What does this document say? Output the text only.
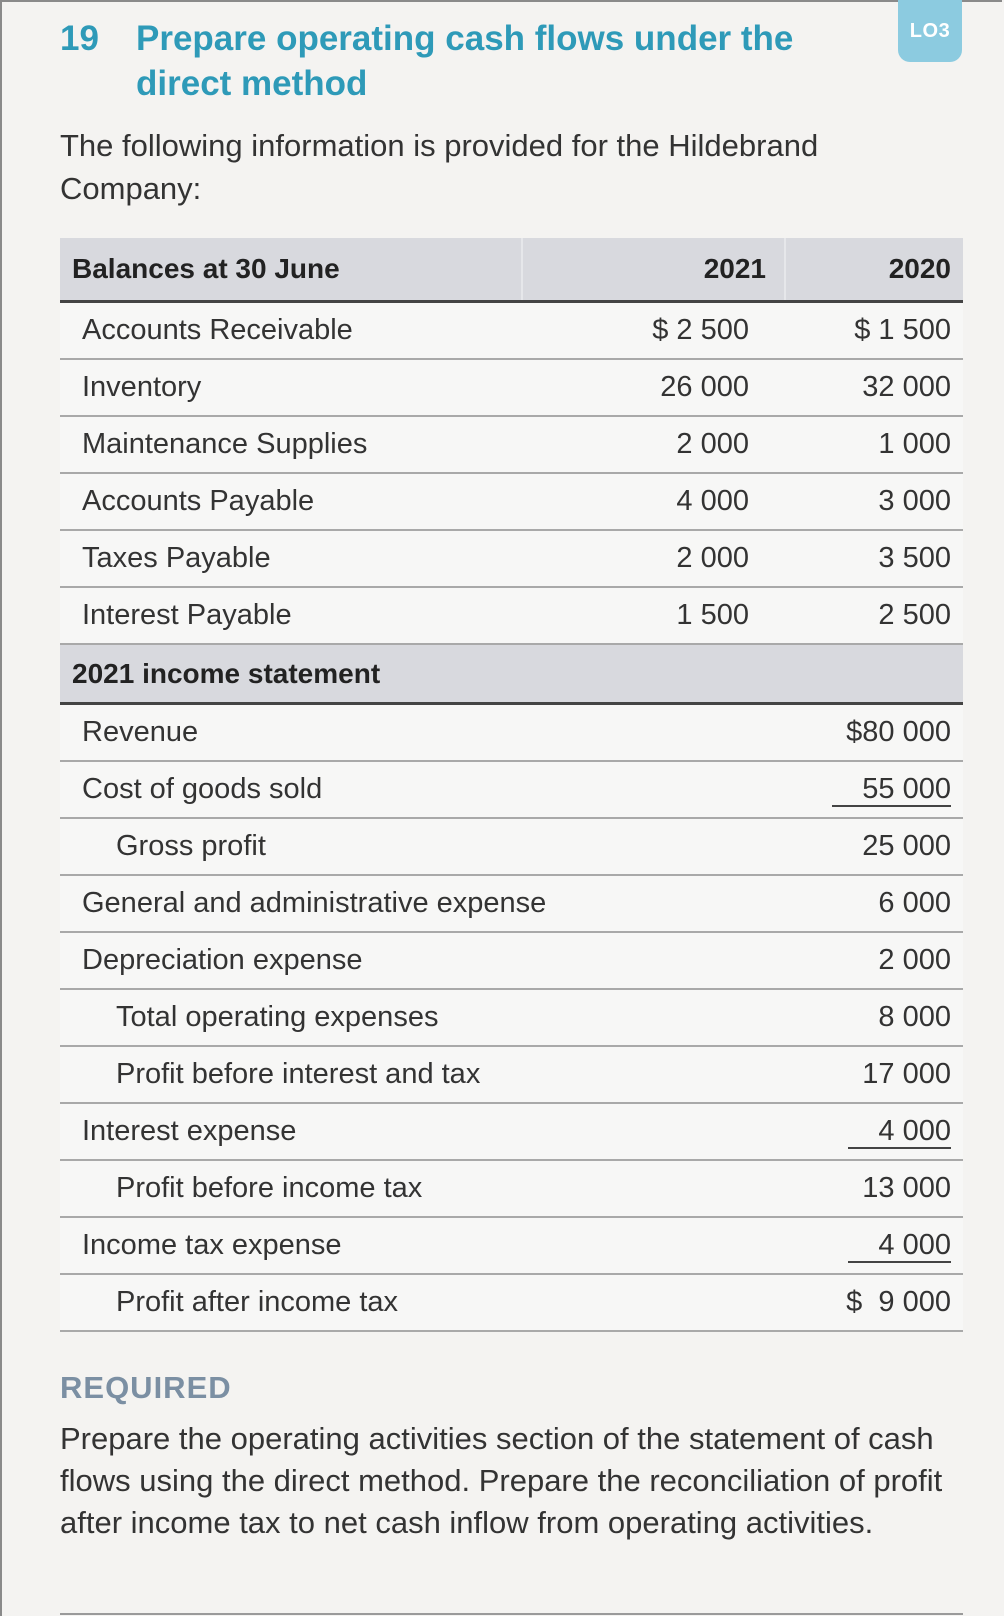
LO3
19 Prepare operating cash flows under the direct method
The following information is provided for the Hildebrand Company:
Balances at 30 June	2021	2020
Accounts Receivable	$ 2 500	$ 1 500
Inventory	26 000	32 000
Maintenance Supplies	2 000	1 000
Accounts Payable	4 000	3 000
Taxes Payable	2 000	3 500
Interest Payable	1 500	2 500
2021 income statement		
Revenue		$80 000
Cost of goods sold		55 000
Gross profit		25 000
General and administrative expense		6 000
Depreciation expense		2 000
Total operating expenses		8 000
Profit before interest and tax		17 000
Interest expense		4 000
Profit before income tax		13 000
Income tax expense		4 000
Profit after income tax		$  9 000
REQUIRED
Prepare the operating activities section of the statement of cash flows using the direct method. Prepare the reconciliation of profit after income tax to net cash inflow from operating activities.
